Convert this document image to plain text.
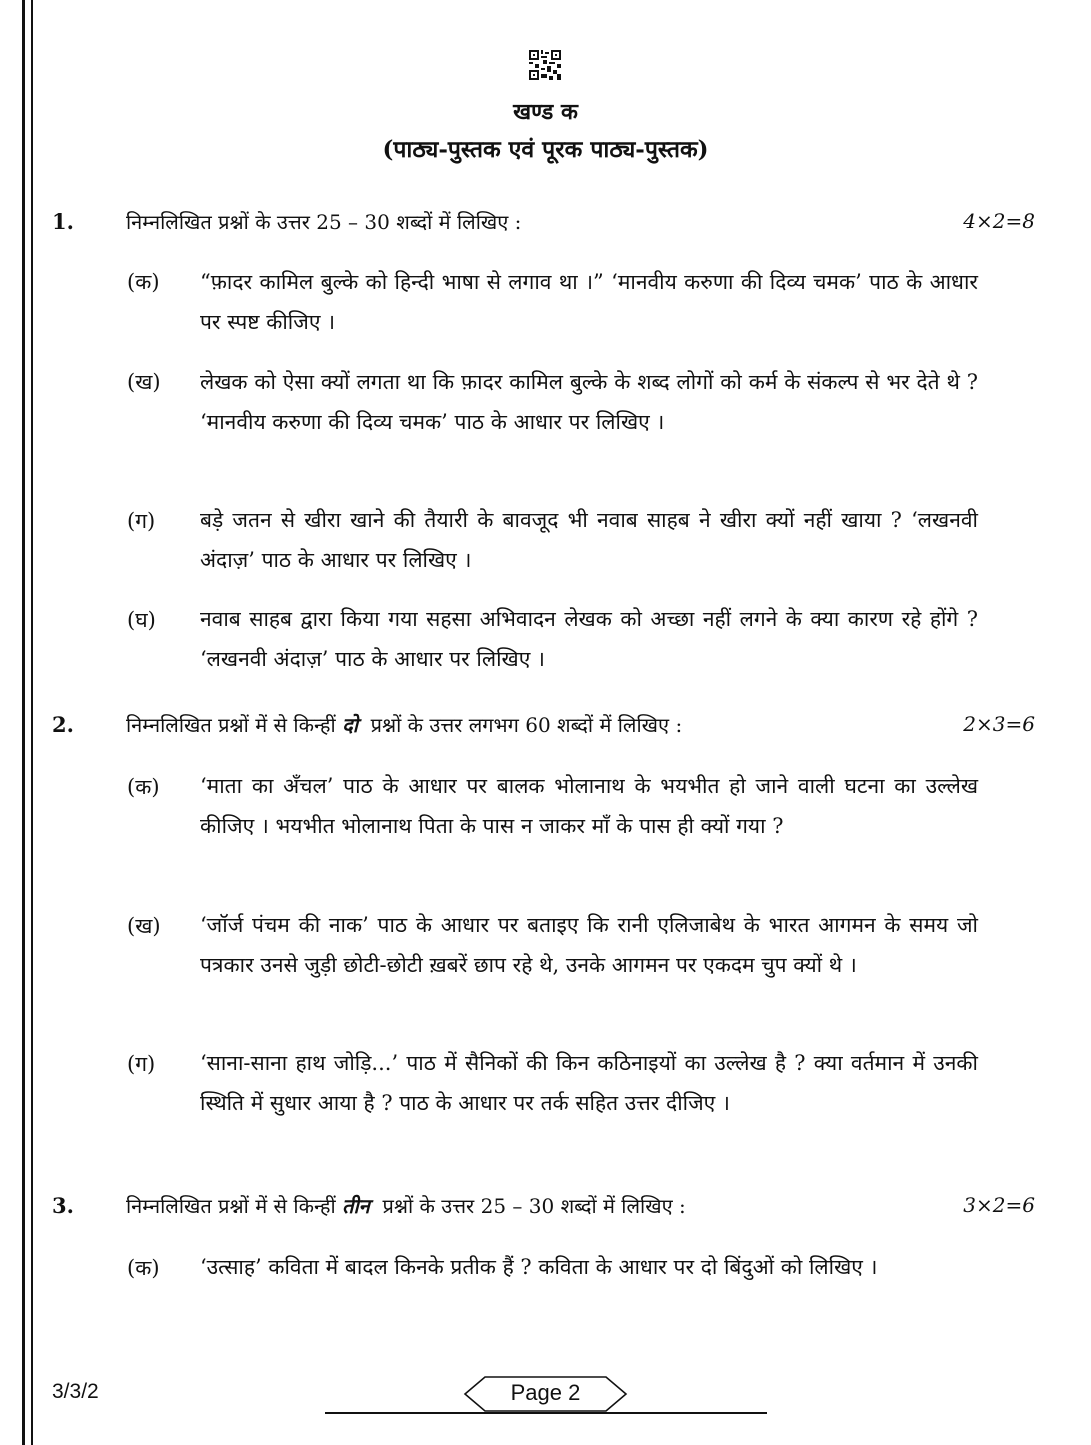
खण्ड क
(पाठ्य-पुस्तक एवं पूरक पाठ्य-पुस्तक)
1.	निम्नलिखित प्रश्नों के उत्तर 25 – 30 शब्दों में लिखिए :	4×2=8
(क) “फ़ादर कामिल बुल्के को हिन्दी भाषा से लगाव था ।” ‘मानवीय करुणा की दिव्य चमक’ पाठ के आधार पर स्पष्ट कीजिए ।
(ख) लेखक को ऐसा क्यों लगता था कि फ़ादर कामिल बुल्के के शब्द लोगों को कर्म के संकल्प से भर देते थे ? ‘मानवीय करुणा की दिव्य चमक’ पाठ के आधार पर लिखिए ।
(ग) बड़े जतन से खीरा खाने की तैयारी के बावजूद भी नवाब साहब ने खीरा क्यों नहीं खाया ? ‘लखनवी अंदाज़’ पाठ के आधार पर लिखिए ।
(घ) नवाब साहब द्वारा किया गया सहसा अभिवादन लेखक को अच्छा नहीं लगने के क्या कारण रहे होंगे ? ‘लखनवी अंदाज़’ पाठ के आधार पर लिखिए ।
2.	निम्नलिखित प्रश्नों में से किन्हीं दो प्रश्नों के उत्तर लगभग 60 शब्दों में लिखिए :	2×3=6
(क) ‘माता का अँचल’ पाठ के आधार पर बालक भोलानाथ के भयभीत हो जाने वाली घटना का उल्लेख कीजिए । भयभीत भोलानाथ पिता के पास न जाकर माँ के पास ही क्यों गया ?
(ख) ‘जॉर्ज पंचम की नाक’ पाठ के आधार पर बताइए कि रानी एलिजाबेथ के भारत आगमन के समय जो पत्रकार उनसे जुड़ी छोटी-छोटी ख़बरें छाप रहे थे, उनके आगमन पर एकदम चुप क्यों थे ।
(ग) ‘साना-साना हाथ जोड़ि...’ पाठ में सैनिकों की किन कठिनाइयों का उल्लेख है ? क्या वर्तमान में उनकी स्थिति में सुधार आया है ? पाठ के आधार पर तर्क सहित उत्तर दीजिए ।
3.	निम्नलिखित प्रश्नों में से किन्हीं तीन प्रश्नों के उत्तर 25 – 30 शब्दों में लिखिए :	3×2=6
(क) ‘उत्साह’ कविता में बादल किनके प्रतीक हैं ? कविता के आधार पर दो बिंदुओं को लिखिए ।
3/3/2	Page 2
